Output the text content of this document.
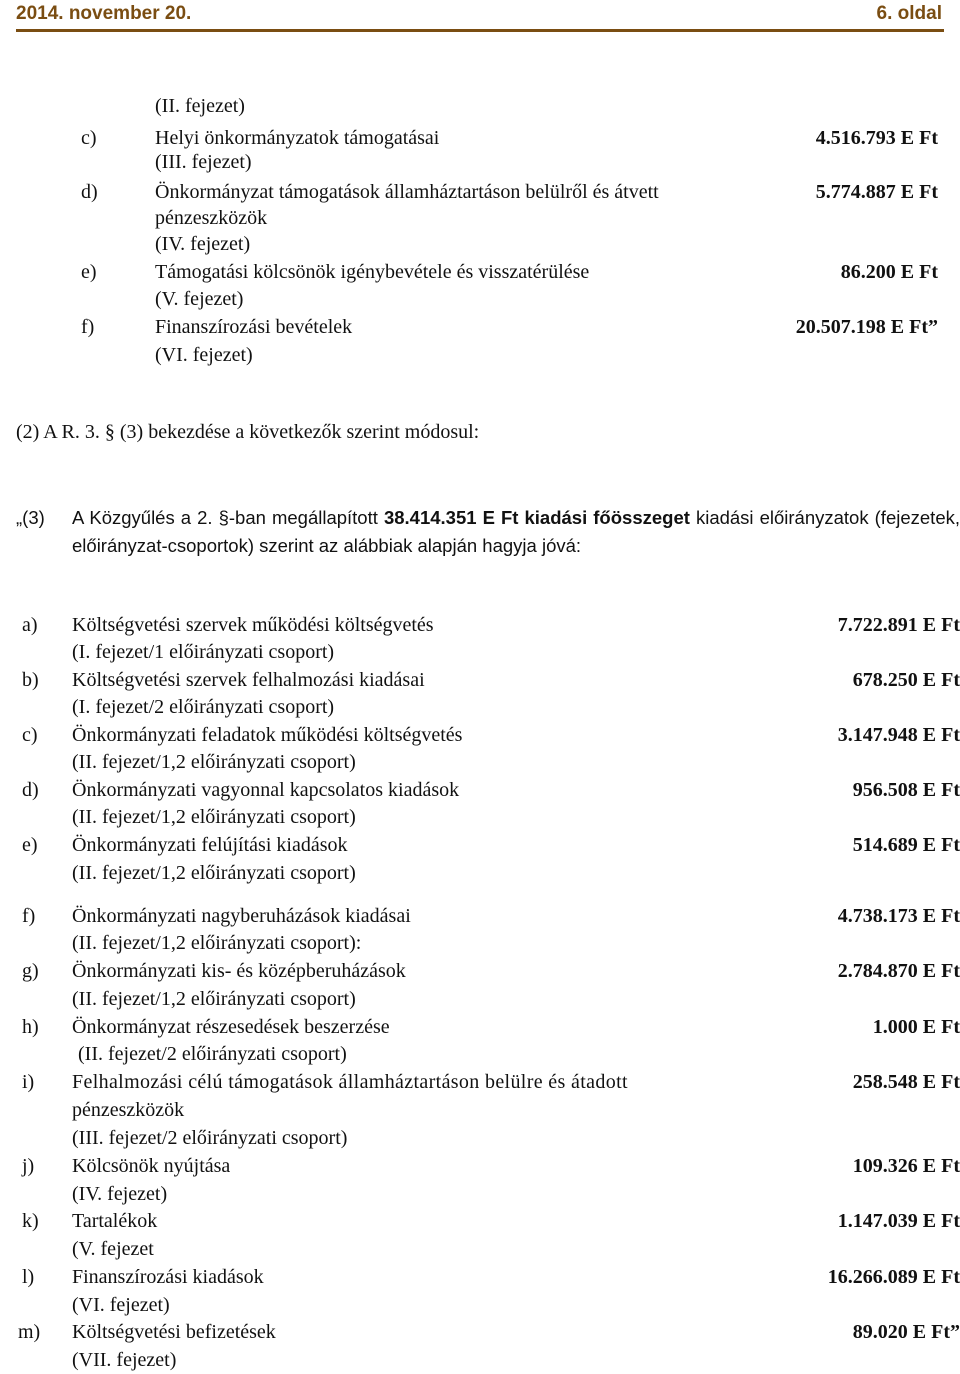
2014. november 20.	6. oldal
(II. fejezet)
c)	Helyi önkormányzatok támogatásai	4.516.793 E Ft
(III. fejezet)
d)	Önkormányzat támogatások államháztartáson belülről és átvett	5.774.887 E Ft
pénzeszközök
(IV. fejezet)
e)	Támogatási kölcsönök igénybevétele és visszatérülése	86.200 E Ft
(V. fejezet)
f)	Finanszírozási bevételek	20.507.198 E Ft”
(VI. fejezet)
(2) A R. 3. § (3) bekezdése a következők szerint módosul:
„(3) A Közgyűlés a 2. §-ban megállapított 38.414.351 E Ft kiadási főösszeget kiadási előirányzatok (fejezetek, előirányzat-csoportok) szerint az alábbiak alapján hagyja jóvá:
a) Költségvetési szervek működési költségvetés	7.722.891 E Ft
(I. fejezet/1 előirányzati csoport)
b) Költségvetési szervek felhalmozási kiadásai	678.250 E Ft
(I. fejezet/2 előirányzati csoport)
c) Önkormányzati feladatok működési költségvetés	3.147.948 E Ft
(II. fejezet/1,2 előirányzati csoport)
d) Önkormányzati vagyonnal kapcsolatos kiadások	956.508 E Ft
(II. fejezet/1,2 előirányzati csoport)
e) Önkormányzati felújítási kiadások	514.689 E Ft
(II. fejezet/1,2 előirányzati csoport)
f) Önkormányzati nagyberuházások kiadásai	4.738.173 E Ft
(II. fejezet/1,2 előirányzati csoport):
g) Önkormányzati kis- és középberuházások	2.784.870 E Ft
(II. fejezet/1,2 előirányzati csoport)
h) Önkormányzat részesedések beszerzése	1.000 E Ft
(II. fejezet/2 előirányzati csoport)
i) Felhalmozási célú támogatások államháztartáson belülre és átadott	258.548 E Ft
pénzeszközök
(III. fejezet/2 előirányzati csoport)
j) Kölcsönök nyújtása	109.326 E Ft
(IV. fejezet)
k) Tartalékok	1.147.039 E Ft
(V. fejezet
l) Finanszírozási kiadások	16.266.089 E Ft
(VI. fejezet)
m) Költségvetési befizetések	89.020 E Ft”
(VII. fejezet)
